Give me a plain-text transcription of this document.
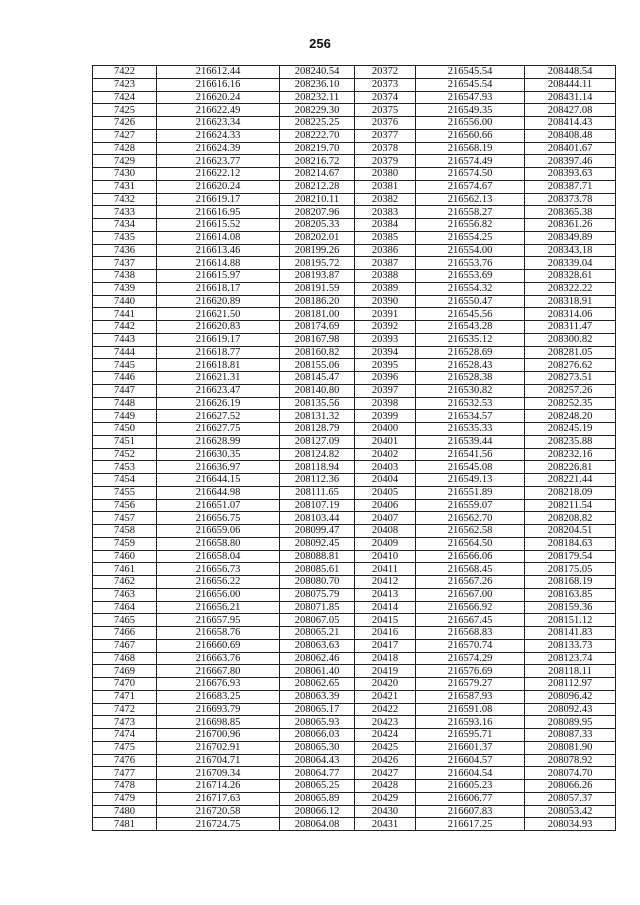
256
7422	216612.44	208240.54	20372	216545.54	208448.54
7423	216616.16	208236.10	20373	216545.54	208444.11
7424	216620.24	208232.11	20374	216547.93	208431.14
7425	216622.49	208229.30	20375	216549.35	208427.08
7426	216623.34	208225.25	20376	216556.00	208414.43
7427	216624.33	208222.70	20377	216560.66	208408.48
7428	216624.39	208219.70	20378	216568.19	208401.67
7429	216623.77	208216.72	20379	216574.49	208397.46
7430	216622.12	208214.67	20380	216574.50	208393.63
7431	216620.24	208212.28	20381	216574.67	208387.71
7432	216619.17	208210.11	20382	216562.13	208373.78
7433	216616.95	208207.96	20383	216558.27	208365.38
7434	216615.52	208205.33	20384	216556.82	208361.26
7435	216614.08	208202.01	20385	216554.25	208349.89
7436	216613.46	208199.26	20386	216554.00	208343.18
7437	216614.88	208195.72	20387	216553.76	208339.04
7438	216615.97	208193.87	20388	216553.69	208328.61
7439	216618.17	208191.59	20389	216554.32	208322.22
7440	216620.89	208186.20	20390	216550.47	208318.91
7441	216621.50	208181.00	20391	216545.56	208314.06
7442	216620.83	208174.69	20392	216543.28	208311.47
7443	216619.17	208167.98	20393	216535.12	208300.82
7444	216618.77	208160.82	20394	216528.69	208281.05
7445	216618.81	208155.06	20395	216528.43	208276.62
7446	216621.31	208145.47	20396	216528.38	208273.51
7447	216623.47	208140.80	20397	216530.82	208257.26
7448	216626.19	208135.56	20398	216532.53	208252.35
7449	216627.52	208131.32	20399	216534.57	208248.20
7450	216627.75	208128.79	20400	216535.33	208245.19
7451	216628.99	208127.09	20401	216539.44	208235.88
7452	216630.35	208124.82	20402	216541.56	208232.16
7453	216636.97	208118.94	20403	216545.08	208226.81
7454	216644.15	208112.36	20404	216549.13	208221.44
7455	216644.98	208111.65	20405	216551.89	208218.09
7456	216651.07	208107.19	20406	216559.07	208211.54
7457	216656.75	208103.44	20407	216562.70	208208.82
7458	216659.06	208099.47	20408	216562.58	208204.51
7459	216658.80	208092.45	20409	216564.50	208184.63
7460	216658.04	208088.81	20410	216566.06	208179.54
7461	216656.73	208085.61	20411	216568.45	208175.05
7462	216656.22	208080.70	20412	216567.26	208168.19
7463	216656.00	208075.79	20413	216567.00	208163.85
7464	216656.21	208071.85	20414	216566.92	208159.36
7465	216657.95	208067.05	20415	216567.45	208151.12
7466	216658.76	208065.21	20416	216568.83	208141.83
7467	216660.69	208063.63	20417	216570.74	208133.73
7468	216663.76	208062.46	20418	216574.29	208123.74
7469	216667.80	208061.40	20419	216576.69	208118.11
7470	216676.93	208062.65	20420	216579.27	208112.97
7471	216683.25	208063.39	20421	216587.93	208096.42
7472	216693.79	208065.17	20422	216591.08	208092.43
7473	216698.85	208065.93	20423	216593.16	208089.95
7474	216700.96	208066.03	20424	216595.71	208087.33
7475	216702.91	208065.30	20425	216601.37	208081.90
7476	216704.71	208064.43	20426	216604.57	208078.92
7477	216709.34	208064.77	20427	216604.54	208074.70
7478	216714.26	208065.25	20428	216605.23	208066.26
7479	216717.63	208065.89	20429	216606.77	208057.37
7480	216720.58	208066.12	20430	216607.83	208053.42
7481	216724.75	208064.08	20431	216617.25	208034.93
